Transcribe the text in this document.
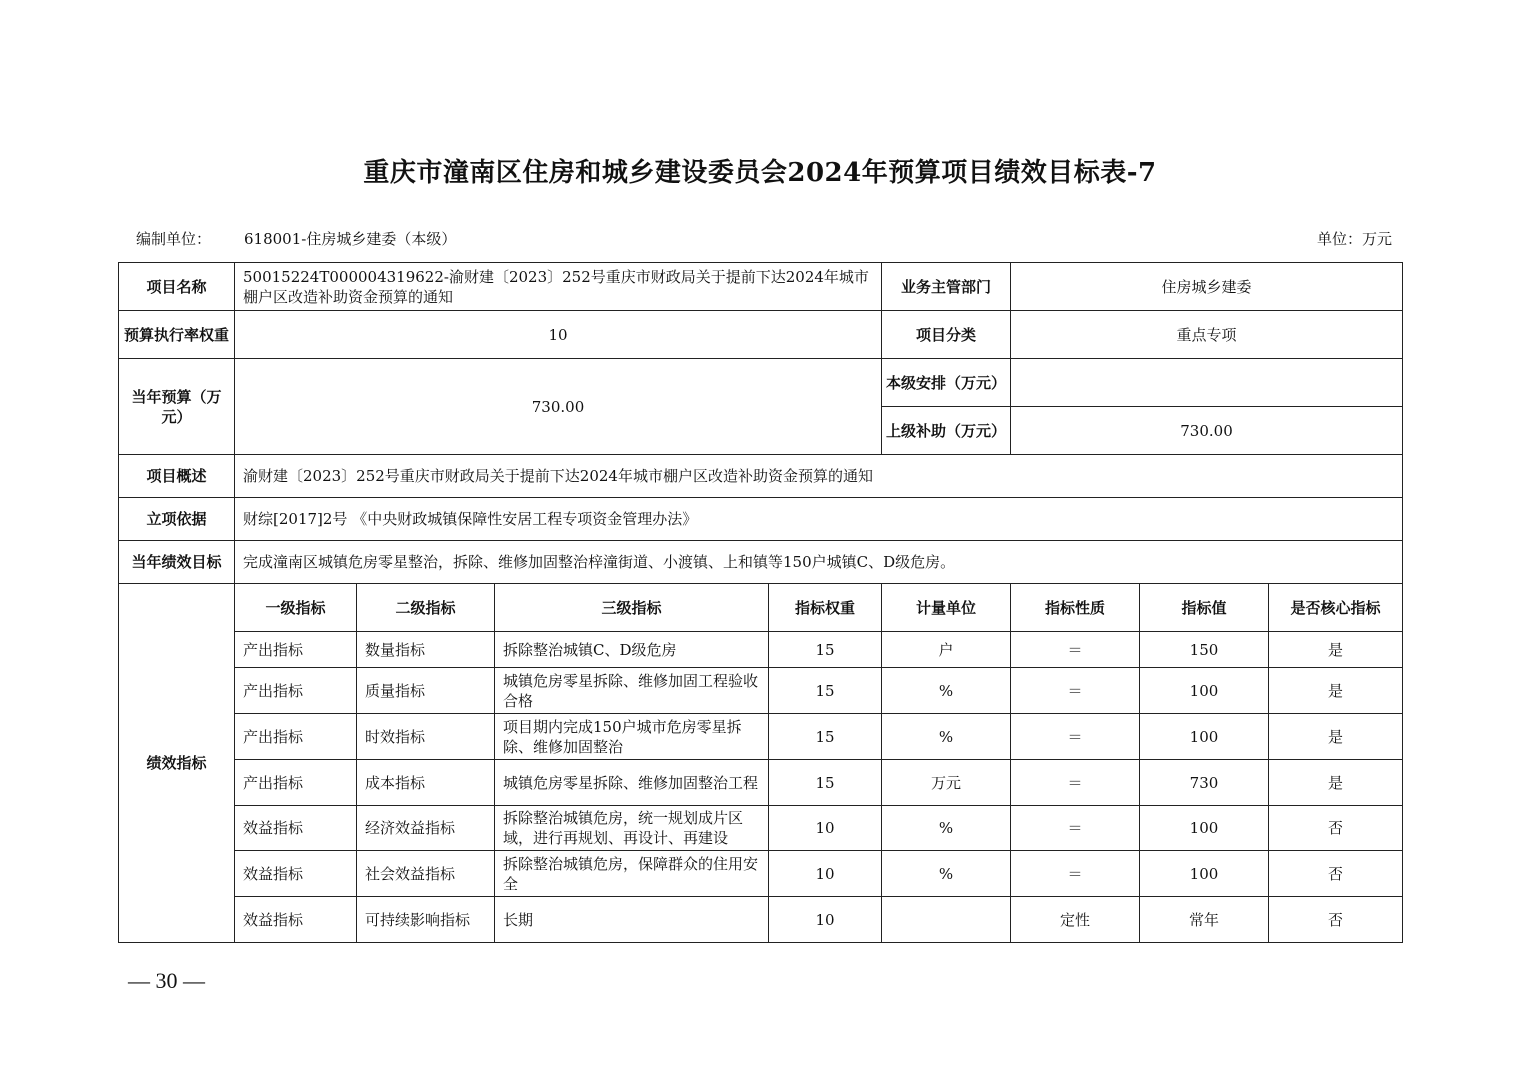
重庆市潼南区住房和城乡建设委员会2024年预算项目绩效目标表-7
编制单位： 618001-住房城乡建委（本级）	单位：万元
项目名称	50015224T000004319622-渝财建〔2023〕252号重庆市财政局关于提前下达2024年城市棚户区改造补助资金预算的通知				业务主管部门	住房城乡建委		
预算执行率权重	10				项目分类	重点专项		
当年预算（万元）	730.00				本级安排（万元）			
					上级补助（万元）	730.00		
项目概述	渝财建〔2023〕252号重庆市财政局关于提前下达2024年城市棚户区改造补助资金预算的通知							
立项依据	财综[2017]2号 《中央财政城镇保障性安居工程专项资金管理办法》							
当年绩效目标	完成潼南区城镇危房零星整治，拆除、维修加固整治梓潼街道、小渡镇、上和镇等150户城镇C、D级危房。							
绩效指标	一级指标	二级指标	三级指标	指标权重	计量单位	指标性质	指标值	是否核心指标
	产出指标	数量指标	拆除整治城镇C、D级危房	15	户	＝	150	是
	产出指标	质量指标	城镇危房零星拆除、维修加固工程验收合格	15	%	＝	100	是
	产出指标	时效指标	项目期内完成150户城市危房零星拆除、维修加固整治	15	%	＝	100	是
	产出指标	成本指标	城镇危房零星拆除、维修加固整治工程	15	万元	＝	730	是
	效益指标	经济效益指标	拆除整治城镇危房，统一规划成片区域，进行再规划、再设计、再建设	10	%	＝	100	否
	效益指标	社会效益指标	拆除整治城镇危房，保障群众的住用安全	10	%	＝	100	否
	效益指标	可持续影响指标	长期	10		定性	常年	否
— 30 —
